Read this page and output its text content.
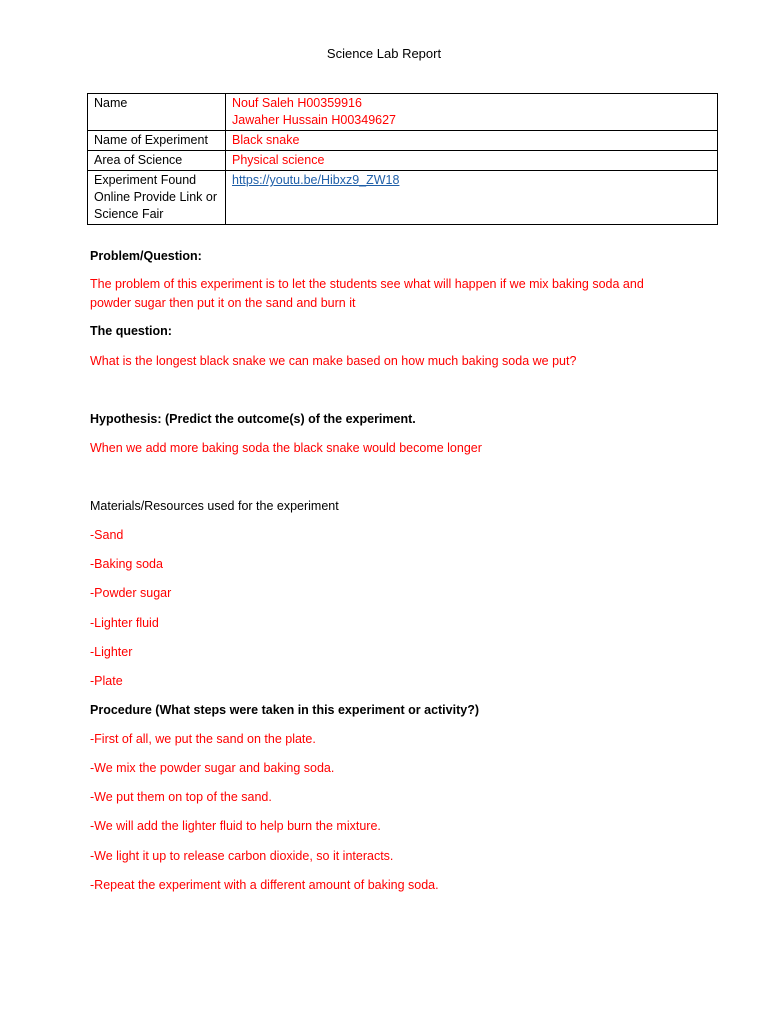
Science Lab Report
Name	Nouf Saleh H00359916
Jawaher Hussain H00349627

Name of Experiment	Black snake
Area of Science	Physical science
Experiment Found Online Provide Link or Science Fair	https://youtu.be/Hibxz9_ZW18
Problem/Question:
The problem of this experiment is to let the students see what will happen if we mix baking soda and
powder sugar then put it on the sand and burn it
The question:
What is the longest black snake we can make based on how much baking soda we put?
Hypothesis: (Predict the outcome(s) of the experiment.
When we add more baking soda the black snake would become longer
Materials/Resources used for the experiment
-Sand
-Baking soda
-Powder sugar
-Lighter fluid
-Lighter
-Plate
Procedure (What steps were taken in this experiment or activity?)
-First of all, we put the sand on the plate.
-We mix the powder sugar and baking soda.
-We put them on top of the sand.
-We will add the lighter fluid to help burn the mixture.
-We light it up to release carbon dioxide, so it interacts.
-Repeat the experiment with a different amount of baking soda.
